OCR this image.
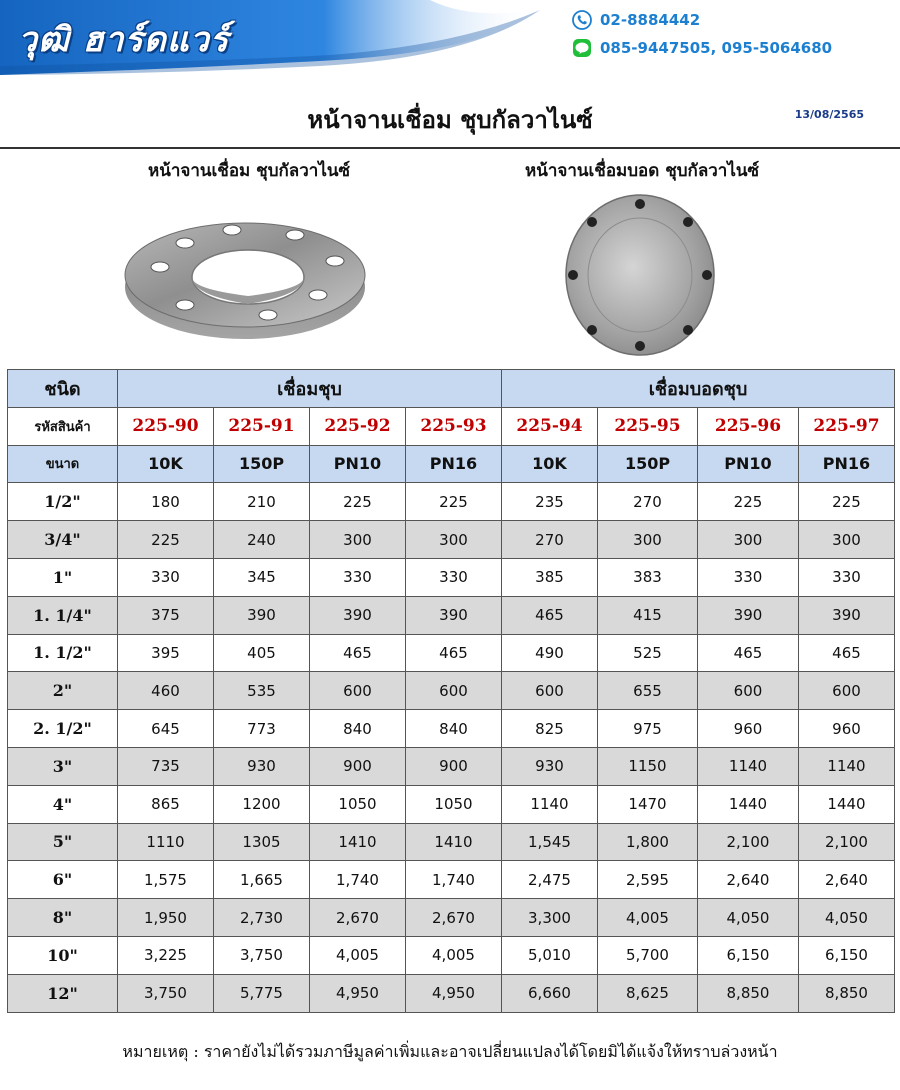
วุฒิ ฮาร์ดแวร์	02-8884442
085-9447505, 095-5064680
หน้าจานเชื่อม ชุบกัลวาไนซ์	13/08/2565
หน้าจานเชื่อม ชุบกัลวาไนซ์	หน้าจานเชื่อมบอด ชุบกัลวาไนซ์
ชนิด	เชื่อมชุบ				เชื่อมบอดชุบ			
รหัสสินค้า	225-90	225-91	225-92	225-93	225-94	225-95	225-96	225-97
ขนาด	10K	150P	PN10	PN16	10K	150P	PN10	PN16
1/2"	180	210	225	225	235	270	225	225
3/4"	225	240	300	300	270	300	300	300
1"	330	345	330	330	385	383	330	330
1. 1/4"	375	390	390	390	465	415	390	390
1. 1/2"	395	405	465	465	490	525	465	465
2"	460	535	600	600	600	655	600	600
2. 1/2"	645	773	840	840	825	975	960	960
3"	735	930	900	900	930	1150	1140	1140
4"	865	1200	1050	1050	1140	1470	1440	1440
5"	1110	1305	1410	1410	1,545	1,800	2,100	2,100
6"	1,575	1,665	1,740	1,740	2,475	2,595	2,640	2,640
8"	1,950	2,730	2,670	2,670	3,300	4,005	4,050	4,050
10"	3,225	3,750	4,005	4,005	5,010	5,700	6,150	6,150
12"	3,750	5,775	4,950	4,950	6,660	8,625	8,850	8,850
หมายเหตุ : ราคายังไม่ได้รวมภาษีมูลค่าเพิ่มและอาจเปลี่ยนแปลงได้โดยมิได้แจ้งให้ทราบล่วงหน้า
